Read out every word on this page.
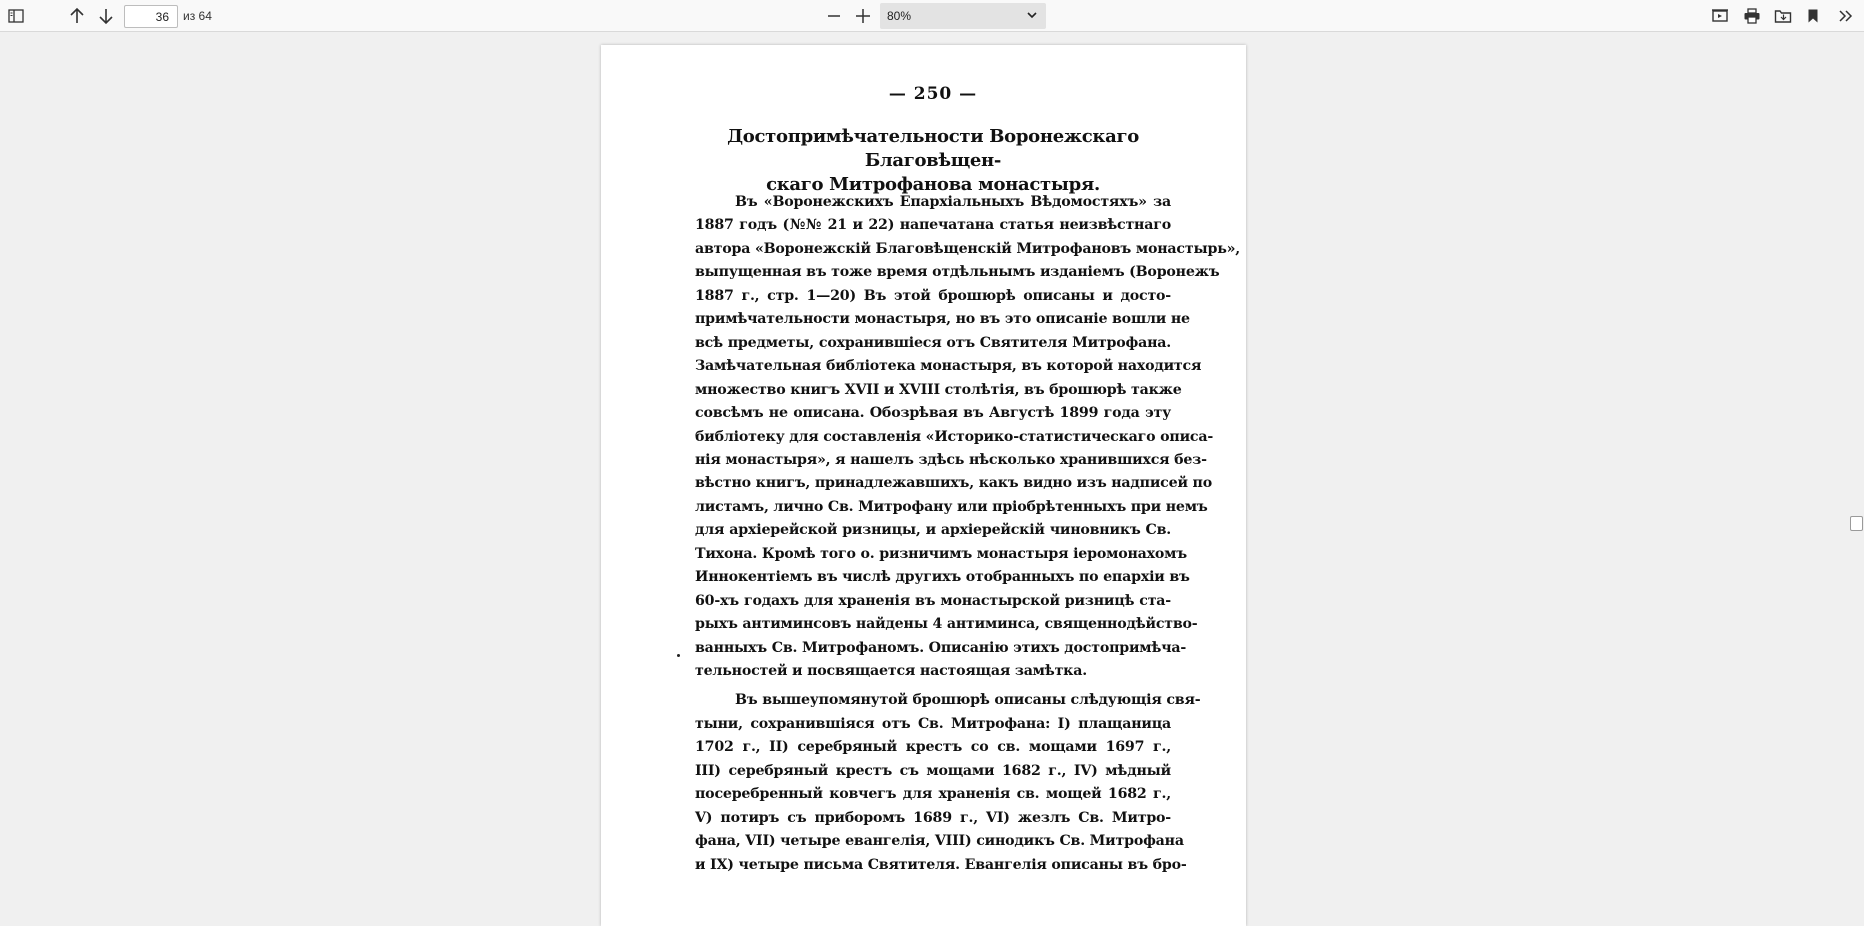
36
из 64	80%
— 250 —
Достопримѣчательности Воронежскаго Благовѣщен-
скаго Митрофанова монастыря.
Въ «Воронежскихъ Епархіальныхъ Вѣдомостяхъ» за
1887 годъ (№№ 21 и 22) напечатана статья неизвѣстнаго
автора «Воронежскій Благовѣщенскій Митрофановъ монастырь»,
выпущенная въ тоже время отдѣльнымъ изданіемъ (Воронежъ
1887 г., стр. 1—20) Въ этой брошюрѣ описаны и досто-
примѣчательности монастыря, но въ это описаніе вошли не
всѣ предметы, сохранившіеся отъ Святителя Митрофана.
Замѣчательная библіотека монастыря, въ которой находится
множество книгъ XVII и XVIII столѣтія, въ брошюрѣ также
совсѣмъ не описана. Обозрѣвая въ Августѣ 1899 года эту
библіотеку для составленія «Историко-статистическаго описа-
нія монастыря», я нашелъ здѣсь нѣсколько хранившихся без-
вѣстно книгъ, принадлежавшихъ, какъ видно изъ надписей по
листамъ, лично Св. Митрофану или пріобрѣтенныхъ при немъ
для архіерейской ризницы, и архіерейскій чиновникъ Св.
Тихона. Кромѣ того о. ризничимъ монастыря іеромонахомъ
Иннокентіемъ въ числѣ другихъ отобранныхъ по епархіи въ
60-хъ годахъ для храненія въ монастырской ризницѣ ста-
рыхъ антиминсовъ найдены 4 антиминса, священнодѣйство-
ванныхъ Св. Митрофаномъ. Описанію этихъ достопримѣча-
тельностей и посвящается настоящая замѣтка.
Въ вышеупомянутой брошюрѣ описаны слѣдующія свя-
тыни, сохранившіяся отъ Св. Митрофана: I) плащаница
1702 г., II) серебряный крестъ со св. мощами 1697 г.,
III) серебряный крестъ съ мощами 1682 г., IV) мѣдный
посеребренный ковчегъ для храненія св. мощей 1682 г.,
V) потиръ съ приборомъ 1689 г., VI) жезлъ Св. Митро-
фана, VII) четыре евангелія, VIII) синодикъ Св. Митрофана
и IX) четыре письма Святителя. Евангелія описаны въ бро-
